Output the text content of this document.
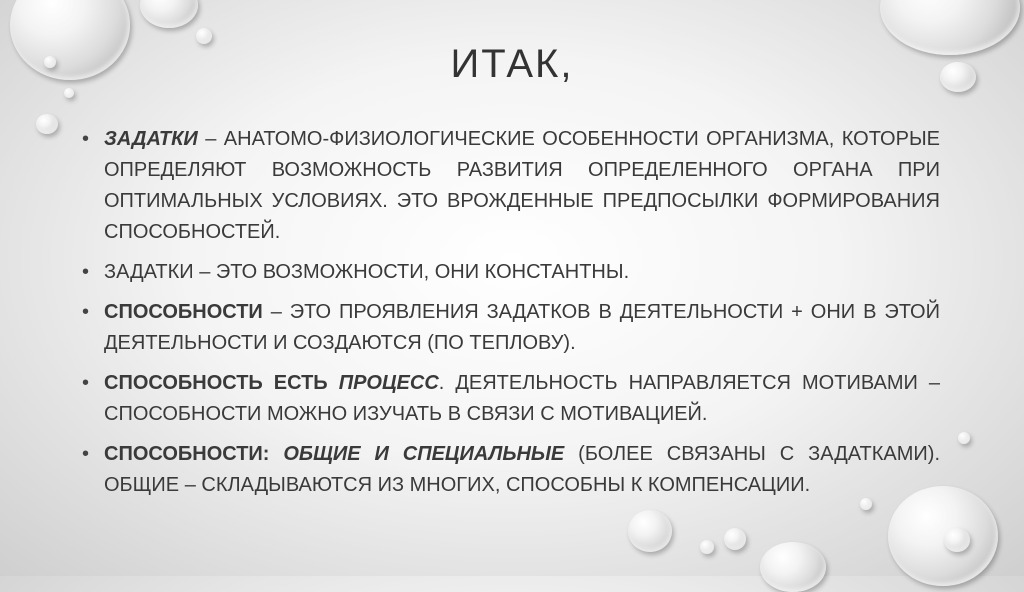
ИТАК,
• ЗАДАТКИ – АНАТОМО-ФИЗИОЛОГИЧЕСКИЕ ОСОБЕННОСТИ ОРГАНИЗМА, КОТОРЫЕ ОПРЕДЕЛЯЮТ ВОЗМОЖНОСТЬ РАЗВИТИЯ ОПРЕДЕЛЕННОГО ОРГАНА ПРИ ОПТИМАЛЬНЫХ УСЛОВИЯХ. ЭТО ВРОЖДЕННЫЕ ПРЕДПОСЫЛКИ ФОРМИРОВАНИЯ СПОСОБНОСТЕЙ.
• ЗАДАТКИ – ЭТО ВОЗМОЖНОСТИ, ОНИ КОНСТАНТНЫ.
• СПОСОБНОСТИ – ЭТО ПРОЯВЛЕНИЯ ЗАДАТКОВ В ДЕЯТЕЛЬНОСТИ + ОНИ В ЭТОЙ ДЕЯТЕЛЬНОСТИ И СОЗДАЮТСЯ (ПО ТЕПЛОВУ).
• СПОСОБНОСТЬ ЕСТЬ ПРОЦЕСС. ДЕЯТЕЛЬНОСТЬ НАПРАВЛЯЕТСЯ МОТИВАМИ – СПОСОБНОСТИ МОЖНО ИЗУЧАТЬ В СВЯЗИ С МОТИВАЦИЕЙ.
• СПОСОБНОСТИ: ОБЩИЕ И СПЕЦИАЛЬНЫЕ (БОЛЕЕ СВЯЗАНЫ С ЗАДАТКАМИ). ОБЩИЕ – СКЛАДЫВАЮТСЯ ИЗ МНОГИХ, СПОСОБНЫ К КОМПЕНСАЦИИ.
